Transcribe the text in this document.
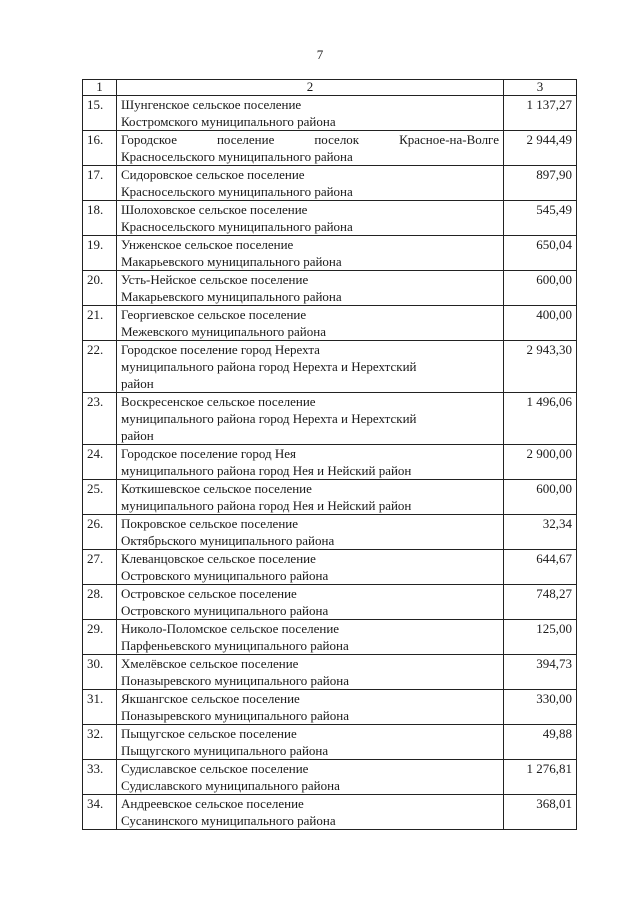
7
1	2	3
15.	Шунгенское сельское поселение
Костромского муниципального района	1 137,27
16.	Городское поселение поселок Красное-на-Волге
Красносельского муниципального района	2 944,49
17.	Сидоровское сельское поселение
Красносельского муниципального района	897,90
18.	Шолоховское сельское поселение
Красносельского муниципального района	545,49
19.	Унженское сельское поселение
Макарьевского муниципального района	650,04
20.	Усть-Нейское сельское поселение
Макарьевского муниципального района	600,00
21.	Георгиевское сельское поселение
Межевского муниципального района	400,00
22.	Городское поселение город Нерехта
муниципального района город Нерехта и Нерехтский
район	2 943,30
23.	Воскресенское сельское поселение
муниципального района город Нерехта и Нерехтский
район	1 496,06
24.	Городское поселение город Нея
муниципального района город Нея и Нейский район	2 900,00
25.	Коткишевское сельское поселение
муниципального района город Нея и Нейский район	600,00
26.	Покровское сельское поселение
Октябрьского муниципального района	32,34
27.	Клеванцовское сельское поселение
Островского муниципального района	644,67
28.	Островское сельское поселение
Островского муниципального района	748,27
29.	Николо-Поломское сельское поселение
Парфеньевского муниципального района	125,00
30.	Хмелёвское сельское поселение
Поназыревского муниципального района	394,73
31.	Якшангское сельское поселение
Поназыревского муниципального района	330,00
32.	Пыщугское сельское поселение
Пыщугского муниципального района	49,88
33.	Судиславское сельское поселение
Судиславского муниципального района	1 276,81
34.	Андреевское сельское поселение
Сусанинского муниципального района	368,01
